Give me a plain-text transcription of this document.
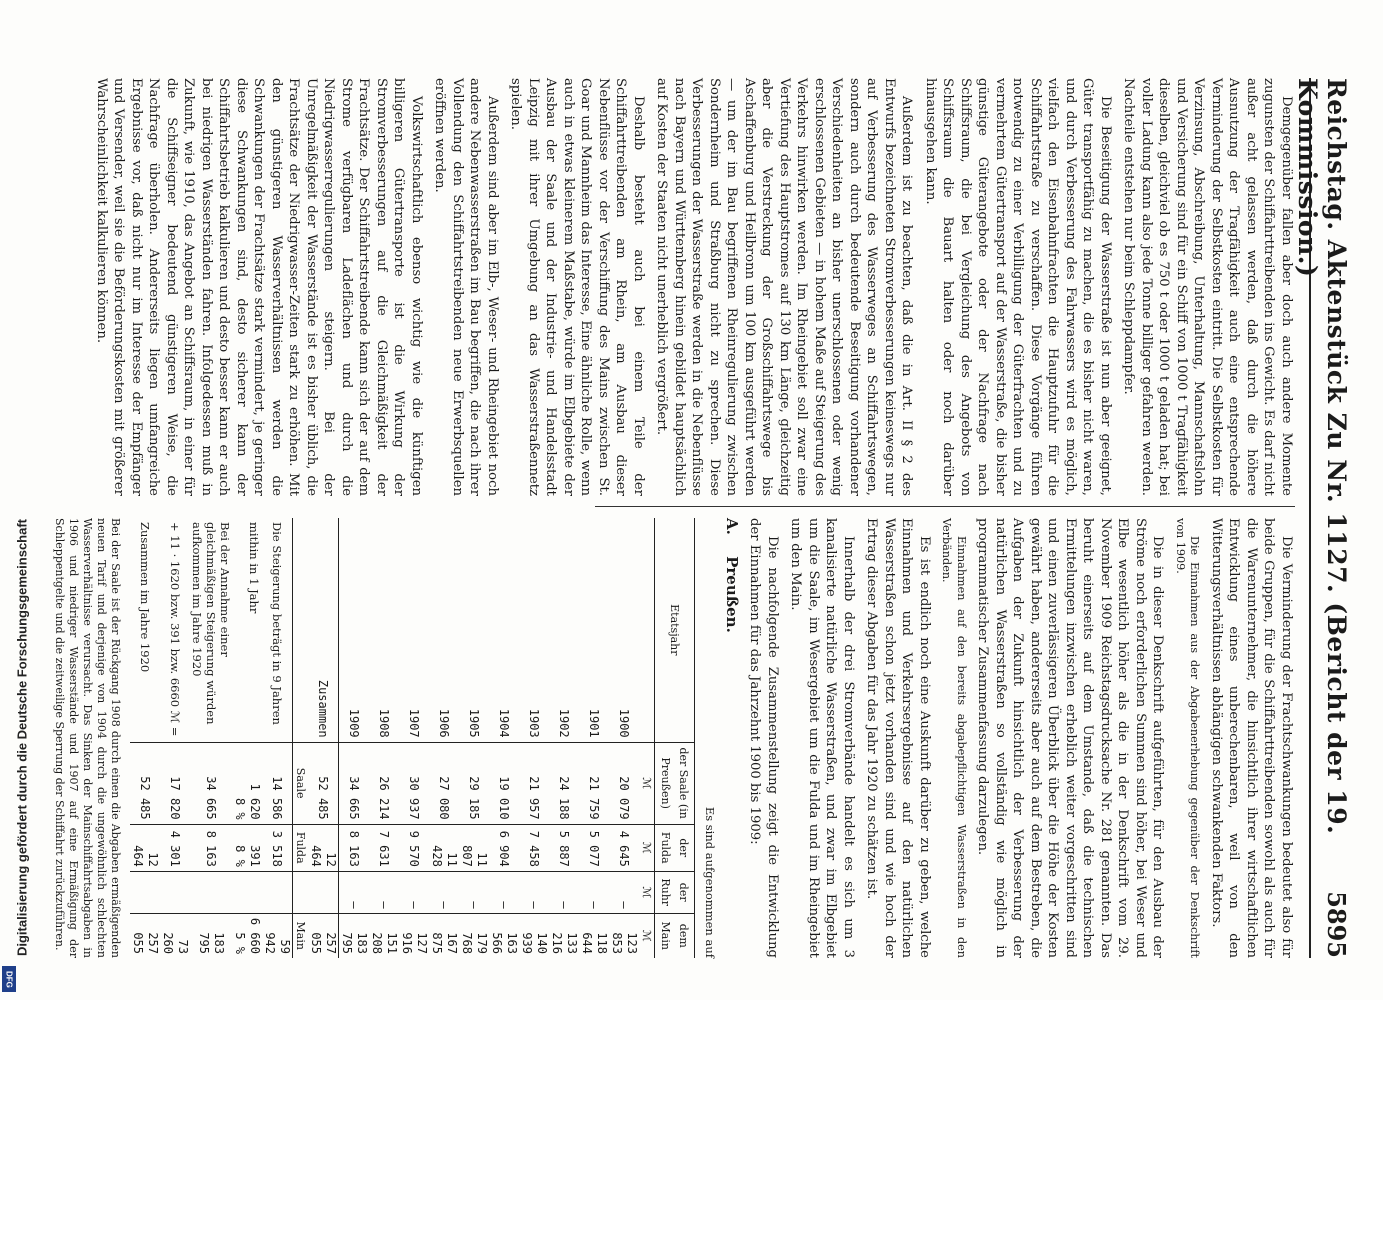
Reichstag. Aktenstück Zu Nr. 1127. (Bericht der 19. Kommission.)
5895

Demgegenüber fallen aber doch auch andere Momente zugunsten der Schiffahrttreibenden ins Gewicht. Es darf nicht außer acht gelassen werden, daß durch die höhere Ausnutzung der Tragfähigkeit auch eine entsprechende Verminderung der Selbstkosten eintritt. Die Selbstkosten für Verzinsung, Abschreibung, Unterhaltung, Mannschaftslohn und Versicherung sind für ein Schiff von 1000 t Tragfähigkeit dieselben, gleichviel ob es 750 t oder 1000 t geladen hat; bei voller Ladung kann also jede Tonne billiger gefahren werden. Nachteile entstehen nur beim Schleppdampfer.

Die Beseitigung der Wasserstraße ist nun aber geeignet, Güter transportfähig zu machen, die es bisher nicht waren, und durch Verbesserung des Fahrwassers wird es möglich, vielfach den Eisenbahnfrachten die Hauptzufuhr für die Schiffahrtstraße zu verschaffen. Diese Vorgänge führen notwendig zu einer Verbilligung der Güterfrachten und zu vermehrtem Gütertransport auf der Wasserstraße, die bisher günstige Güterangebote oder der Nachfrage nach Schiffsraum, die bei Vergleichung des Angebots von Schiffsraum die Bauart halten oder noch darüber hinausgehen kann.

Außerdem ist zu beachten, daß die in Art. II § 2 des Entwurfs bezeichneten Stromverbesserungen keineswegs nur auf Verbesserung des Wasserweges an Schiffahrtswegen, sondern auch durch bedeutende Beseitigung vorhandener Verschiedenheiten an bisher unerschlossenen oder wenig erschlossenen Gebieten — in hohem Maße auf Steigerung des Verkehrs hinwirken werden. Im Rheingebiet soll zwar eine Vertiefung des Hauptstromes auf 130 km Länge, gleichzeitig aber die Verstreckung der Großschiffahrtswege bis Aschaffenburg und Heilbronn um 100 km ausgeführt werden — um der im Bau begriffenen Rheinregulierung zwischen Sondernheim und Straßburg nicht zu sprechen. Diese Verbesserungen der Wasserstraße werden in die Nebenflüsse nach Bayern und Württemberg hinein gebildet hauptsächlich auf Kosten der Staaten nicht unerheblich vergrößert.

Deshalb besteht auch bei einem Teile der Schiffahrttreibenden am Rhein, am Ausbau dieser Nebenflüsse vor der Verschiffung des Mains zwischen St. Goar und Mannheim das Interesse, Eine ähnliche Rolle, wenn auch in etwas kleinerem Maßstabe, würde im Elbgebiete der Ausbau der Saale und der Industrie- und Handelsstadt Leipzig mit ihrer Umgebung an das Wasserstraßennetz spielen.

Außerdem sind aber im Elb-, Weser- und Rheingebiet noch andere Nebenwasserstraßen im Bau begriffen, die nach ihrer Vollendung den Schiffahrtstreibenden neue Erwerbsquellen eröffnen werden.

Volkswirtschaftlich ebenso wichtig wie die künftigen billigeren Gütertransporte ist die Wirkung der Stromverbesserungen auf die Gleichmäßigkeit der Frachtsätze. Der Schiffahrtstreibende kann sich der auf dem Strome verfügbaren Ladeflächen und durch die Niedrigwasserregulierungen steigern. Bei der Unregelmäßigkeit der Wasserstände ist es bisher üblich, die Frachtsätze der Niedrigwasser-Zeiten stark zu erhöhen. Mit den günstigeren Wasserverhältnissen werden die Schwankungen der Frachtsätze stark vermindert, je geringer diese Schwankungen sind, desto sicherer kann der Schiffahrtsbetrieb kalkulieren und desto besser kann er auch bei niedrigen Wasserständen fahren. Infolgedessen muß in Zukunft, wie 1910, das Angebot an Schiffsraum, in einer für die Schiffseigner bedeutend günstigeren Weise, die Nachfrage überholen. Andererseits liegen umfangreiche Ergebnisse vor, daß nicht nur im Interesse der Empfänger und Versender, weil sie die Beförderungskosten mit größerer Wahrscheinlichkeit kalkulieren können.

Die Verminderung der Frachtschwankungen bedeutet also für beide Gruppen, für die Schiffahrttreibenden sowohl als auch für die Warenunternehmer, die hinsichtlich ihrer wirtschaftlichen Entwicklung eines unberechenbaren, weil von den Witterungsverhältnissen abhängigen schwankenden Faktors.

Die Einnahmen aus der Abgabenerhebung gegenüber der Denkschrift von 1909.

Die in dieser Denkschrift aufgeführten, für den Ausbau der Ströme noch erforderlichen Summen sind höher, bei Weser und Elbe wesentlich höher als die in der Denkschrift vom 29. November 1909 Reichstagsdrucksache Nr. 281 genannten. Das beruht einerseits auf dem Umstande, daß die technischen Ermittelungen inzwischen erheblich weiter vorgeschritten sind und einen zuverlässigeren Überblick über die Höhe der Kosten gewährt haben, andererseits aber auch auf dem Bestreben, die Aufgaben der Zukunft hinsichtlich der Verbesserung der natürlichen Wasserstraßen so vollständig wie möglich in programmatischer Zusammenfassung darzulegen.

Einnahmen auf den bereits abgabepflichtigen Wasserstraßen in den Verbänden.

Es ist endlich noch eine Auskunft darüber zu geben, welche Einnahmen und Verkehrsergebnisse auf den natürlichen Wasserstraßen schon jetzt vorhanden sind und wie hoch der Ertrag dieser Abgaben für das Jahr 1920 zu schätzen ist.

Innerhalb der drei Stromverbände handelt es sich um 3 kanalisierte natürliche Wasserstraßen, und zwar im Elbgebiet um die Saale, im Wesergebiet um die Fulda und im Rheingebiet um den Main.

Die nachfolgende Zusammenstellung zeigt die Entwicklung der Einnahmen für das Jahrzehnt 1900 bis 1909:

A. Preußen.
Es sind aufgenommen auf
Etatsjahr	der Saale (in Preußen)	der Fulda	der Ruhr	dem Main
	ℳ	ℳ	ℳ	ℳ
1900	20 079	4 645	—	123 853
1901	21 759	5 077	—	118 644
1902	24 188	5 887	—	133 216
1903	21 957	7 458	—	140 939
1904	19 010	6 904	—	163 566
1905	29 185	11 807	—	179 768
1906	27 080	11 428	—	167 875
1907	30 937	9 570	—	127 916
1908	26 214	7 631	—	151 208
1909	34 665	8 163	—	183 795
Zusammen	52 485	12 464		257 055
	Saale	Fulda		Main
Die Steigerung beträgt in 9 Jahren	14 586	3 518		59 942
mithin in 1 Jahr	1 620	391		6 660
	8 %	8 %		5 %
Bei der Annahme einer gleichmäßigen Steigerung würden aufkommen im Jahre 1920	34 665	8 163		183 795
+ 11 · 1620 bzw. 391 bzw. 6660 ℳ =	17 820	4 301		73 260
Zusammen im Jahre 1920	52 485	12 464		257 055
Bei der Saale ist der Rückgang 1908 durch einen die Abgaben ermäßigenden neuen Tarif und derjenige von 1904 durch die ungewöhnlich schlechten Wasserverhältnisse verursacht. Das Sinken der Mainschiffahrtsabgaben in 1906 und niedriger Wasserstände und 1907 auf eine Ermäßigung der Schleppentgelte und die zeitweilige Sperrung der Schiffahrt zurückzuführen.
Digitalisierung gefördert durch die Deutsche Forschungsgemeinschaft
DFG
